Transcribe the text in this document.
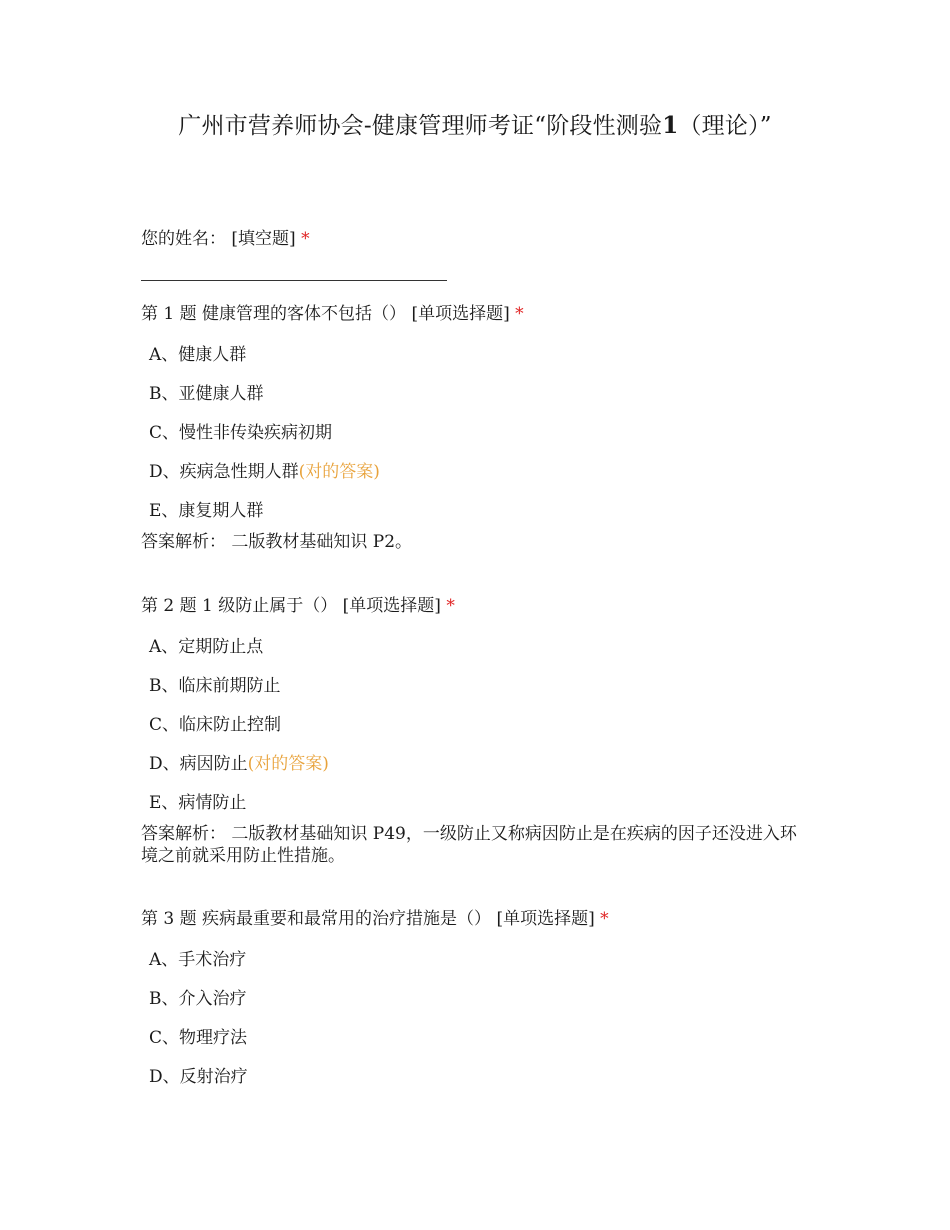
广州市营养师协会-健康管理师考证“阶段性测验1（理论）”
您的姓名： [填空题] *
第 1 题 健康管理的客体不包括（） [单项选择题] *
A、健康人群
B、亚健康人群
C、慢性非传染疾病初期
D、疾病急性期人群(对的答案)
E、康复期人群
答案解析： 二版教材基础知识 P2。
第 2 题 1 级防止属于（） [单项选择题] *
A、定期防止点
B、临床前期防止
C、临床防止控制
D、病因防止(对的答案)
E、病情防止
答案解析： 二版教材基础知识 P49，一级防止又称病因防止是在疾病的因子还没进入环境之前就采用防止性措施。
第 3 题 疾病最重要和最常用的治疗措施是（） [单项选择题] *
A、手术治疗
B、介入治疗
C、物理疗法
D、反射治疗
